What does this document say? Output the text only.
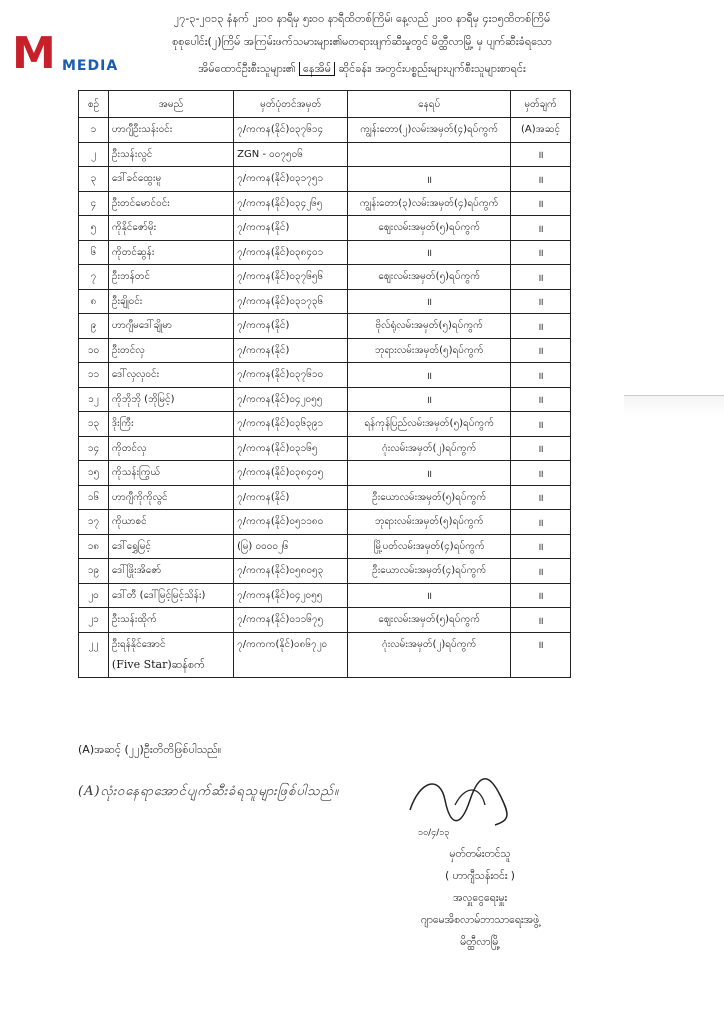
M MEDIA
၂၇-၃-၂၀၁၃ နံနက် ၂း၀၀ နာရီမှ ၅း၀၀ နာရီထိတစ်ကြိမ်၊ နေ့လည် ၂း၀၀ နာရီမှ ၄း၁၅ထိတစ်ကြိမ်
စုစုပေါင်း(၂)ကြိမ် အကြမ်းဖက်သမားများ၏မတရားဖျက်ဆီးမှုတွင် မိတ္ထီလာမြို့ မှ ပျက်ဆီးခံရသော
အိမ်ထောင်ဦးစီးသူများ၏ နေအိမ် ဆိုင်ခန်း၊ အတွင်းပစ္စည်းများပျက်စီးသူများစာရင်း
စဉ်	အမည်	မှတ်ပုံတင်အမှတ်	နေရပ်	မှတ်ချက်
၁	ဟာဂျီဦးသန်းဝင်း	၇/ကကန(နိုင်)၀၃၇၆၁၄	ကျွန်းတော(၂)လမ်းအမှတ်(၄)ရပ်ကွက်	(A)အဆင့်
၂	ဦးသန်းလွင်	ZGN - ၀၀၇၅၀၆		॥
၃	ဒေါ်ခင်ထွေးမူ	၇/ကကန(နိုင်)၀၃၁၇၅၁	॥	॥
၄	ဦးတင်မောင်ဝင်း	၇/ကကန(နိုင်)၀၃၄၂၆၅	ကျွန်းတော(၃)လမ်းအမှတ်(၄)ရပ်ကွက်	॥
၅	ကိုနိုင်ဇော်မိုး	၇/ကကန(နိုင်)	ဈေးလမ်းအမှတ်(၅)ရပ်ကွက်	॥
၆	ကိုတင်ဆွန်း	၇/ကကန(နိုင်)၀၃၈၄၀၁	॥	॥
၇	ဦးဘန်တင်	၇/ကကန(နိုင်)၀၃၇၆၅၆	ဈေးလမ်းအမှတ်(၅)ရပ်ကွက်	॥
၈	ဦးချိုဝင်း	၇/ကကန(နိုင်)၀၃၁၇၃၆	॥	॥
၉	ဟာဂျီမဒေါ်ချိုမာ	၇/ကကန(နိုင်)	ဗိုလ်ရုံလမ်းအမှတ်(၅)ရပ်ကွက်	॥
၁၀	ဦးတင်လှ	၇/ကကန(နိုင်)	ဘုရားလမ်းအမှတ်(၅)ရပ်ကွက်	॥
၁၁	ဒေါ်လှလှဝင်း	၇/ကကန(နိုင်)၀၃၇၆၁၀	॥	॥
၁၂	ကိုဘိုဘို (ဘိုမြင့်)	၇/ကကန(နိုင်)၀၄၂၀၅၅	॥	॥
၁၃	ဒိုးကြီး	၇/ကကန(နိုင်)၀၃၆၃၉၁	ရန်ကုန်ပြည်လမ်းအမှတ်(၅)ရပ်ကွက်	॥
၁၄	ကိုတင်လှ	၇/ကကန(နိုင်)၀၃၁၆၅	ဂုံးလမ်းအမှတ်(၂)ရပ်ကွက်	॥
၁၅	ကိုသန်းကြွယ်	၇/ကကန(နိုင်)၀၃၈၄၀၅	॥	॥
၁၆	ဟာဂျီကိုကိုလွင်	၇/ကကန(နိုင်)	ဦးယောလမ်းအမှတ်(၅)ရပ်ကွက်	॥
၁၇	ကိုယာစင်	၇/ကကန(နိုင်)၀၅၁၁၈၀	ဘုရားလမ်းအမှတ်(၅)ရပ်ကွက်	॥
၁၈	ဒေါ်ရွှေမြင့်	(မြ) ၀၀၀၀၂၆	မြို့ပတ်လမ်းအမှတ်(၄)ရပ်ကွက်	॥
၁၉	ဒေါ်ဖြိုးအိဇော်	၇/ကကန(နိုင်)၀၅၈၀၅၃	ဦးယောလမ်းအမှတ်(၄)ရပ်ကွက်	॥
၂၀	ဒေါ်တီ (ဒေါ်မြင့်မြင့်သိန်း)	၇/ကကန(နိုင်)၀၄၂၀၅၅	॥	॥
၂၁	ဦးသန်းထိုက်	၇/ကကန(နိုင်)၀၁၁၆၇၅	ဈေးလမ်းအမှတ်(၅)ရပ်ကွက်	॥
၂၂	ဦးရန်နိုင်အောင်
(Five Star)ဆန်စက်	၇/ကကက(နိုင်)၀၈၆၇၂၀	ဂုံးလမ်းအမှတ်(၂)ရပ်ကွက်	॥
(A)အဆင့် (၂၂)ဦးတိတိဖြစ်ပါသည်။
(A)လုံးဝနေရာအောင်ပျက်ဆီးခံရသူများဖြစ်ပါသည်။
၁၀/၄/၁၃
မှတ်တမ်းတင်သူ
( ဟာဂျီသန်းဝင်း )
အလှူငွေရေးမှူး
ဂျာမေအိစလာမ်ဘာသာရေးအဖွဲ့
မိတ္ထီလာမြို့
